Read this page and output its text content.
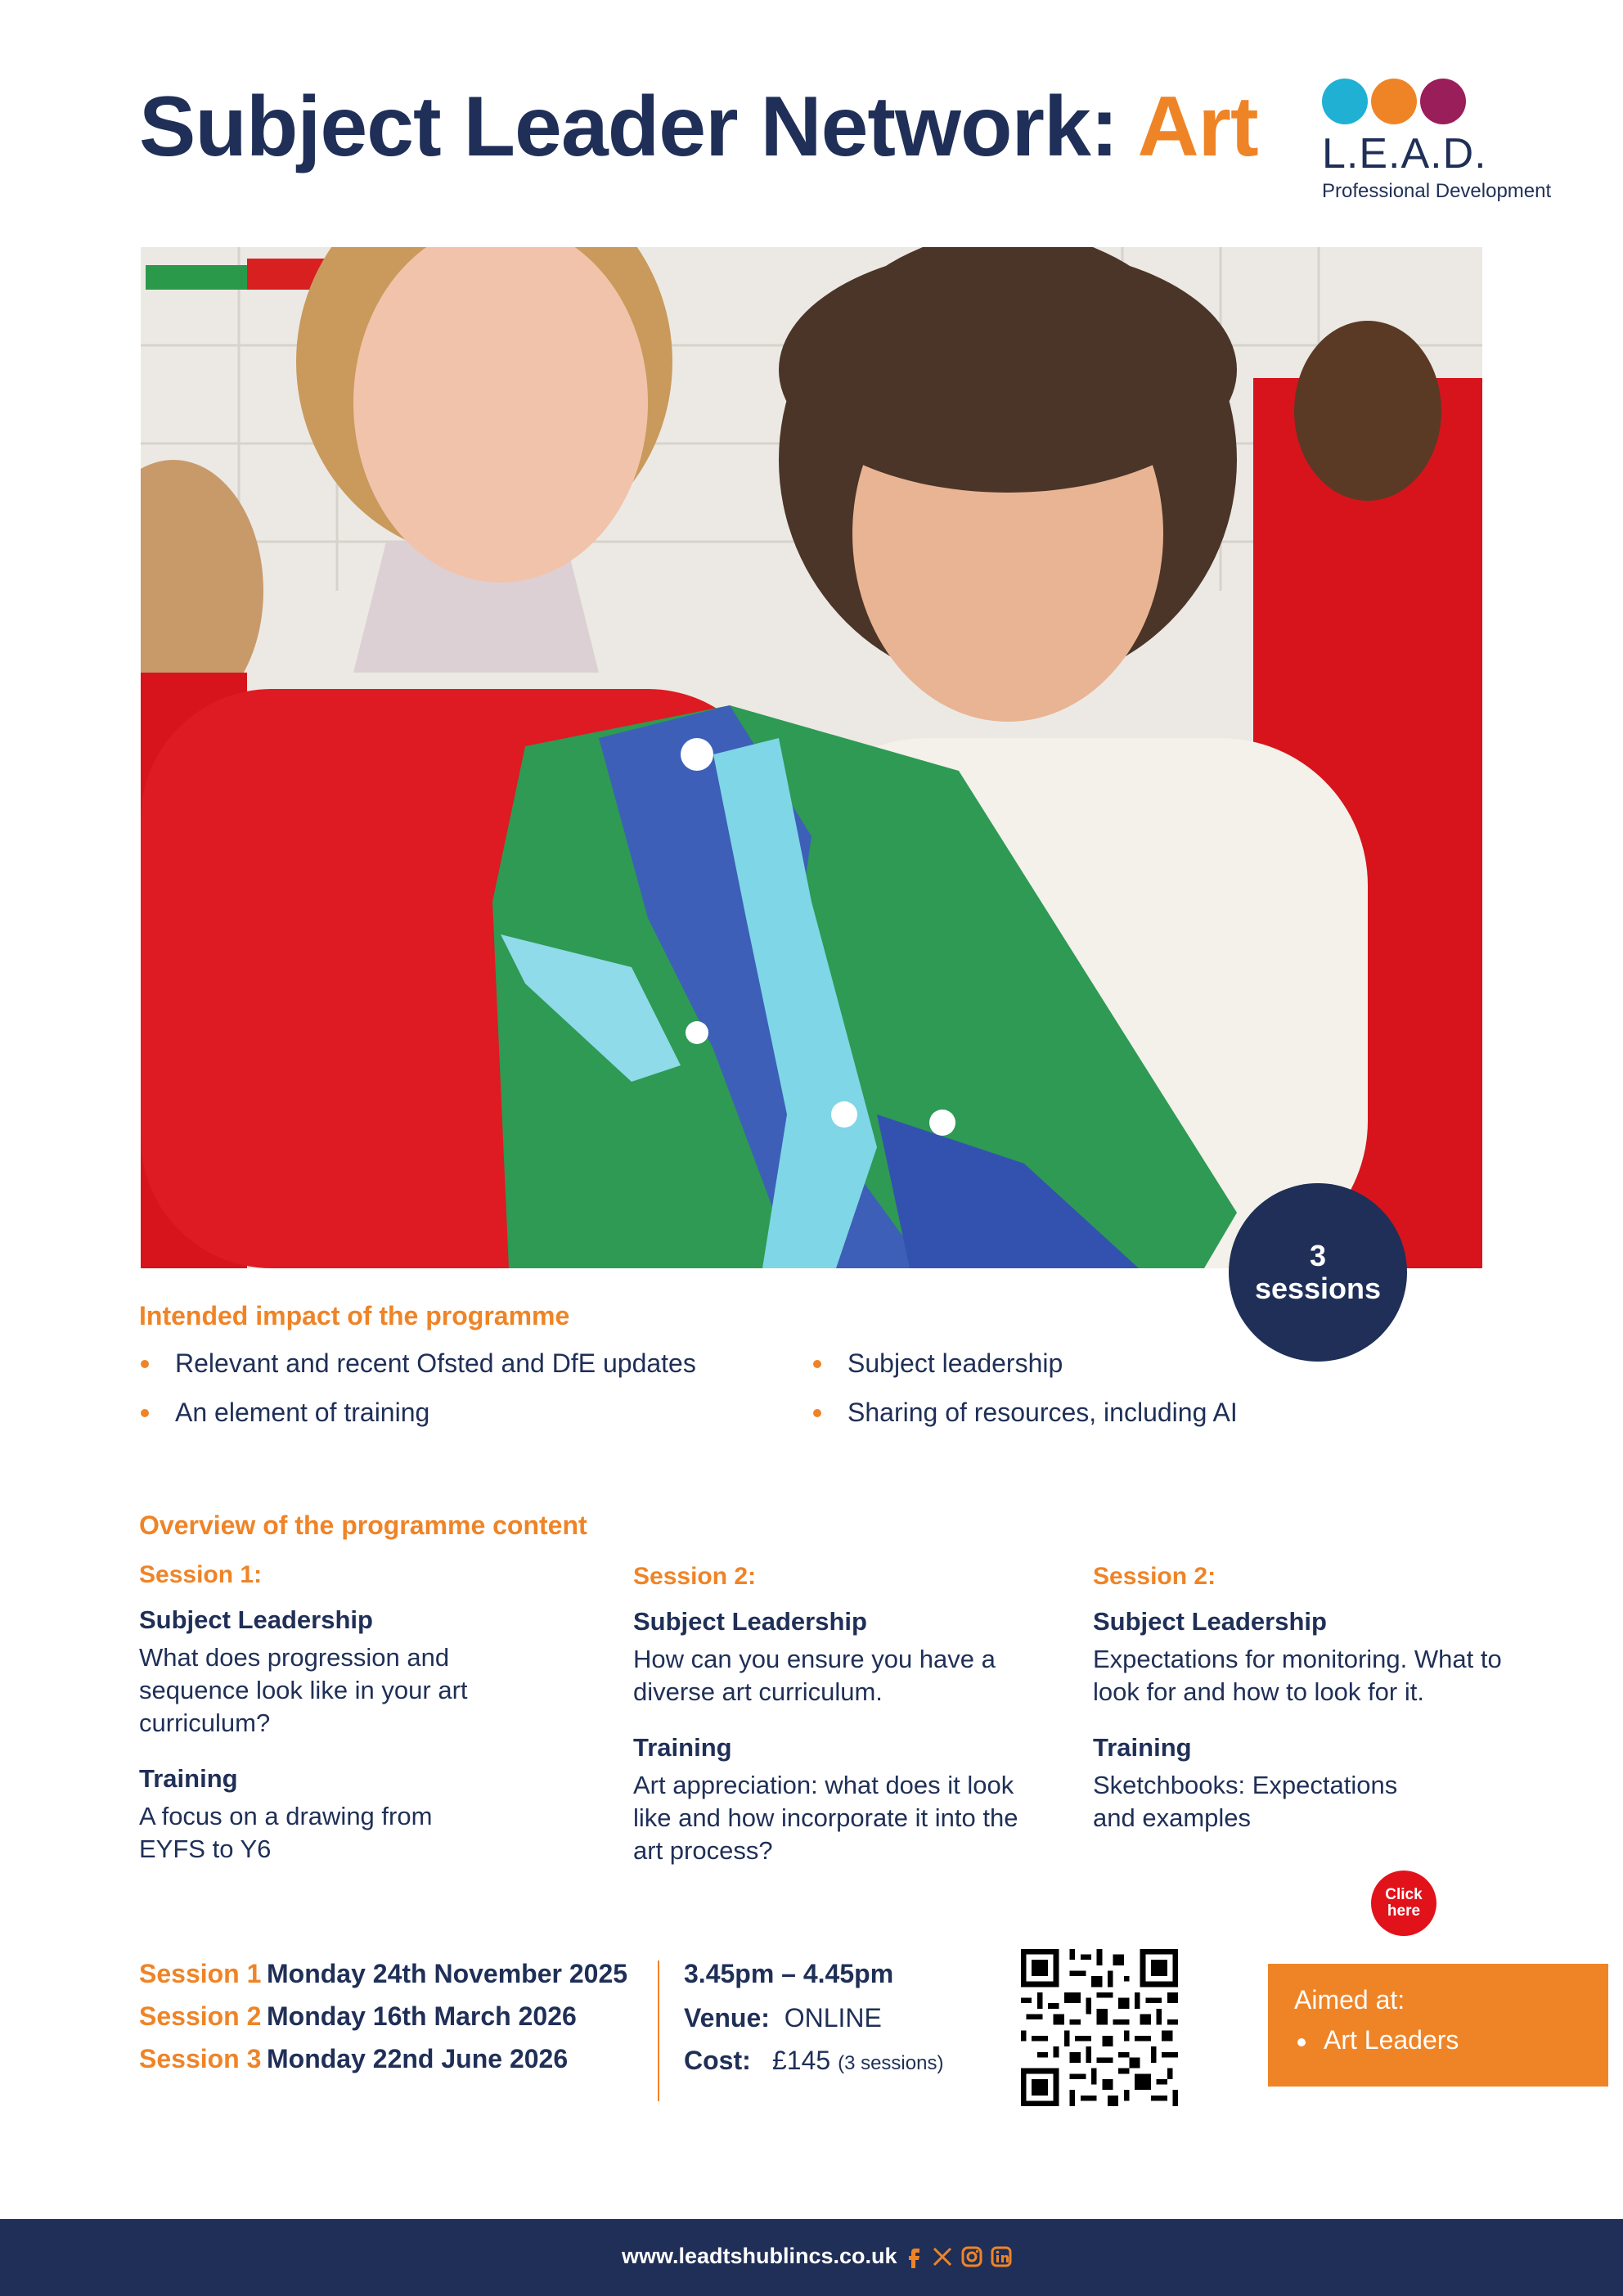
Subject Leader Network: Art L.E.A.D.
Professional Development
3
sessions
Intended impact of the programme
Relevant and recent Ofsted and DfE updates
An element of training
Subject leadership
Sharing of resources, including AI
Overview of the programme content
Session 1:
Subject Leadership
What does progression and sequence look like in your art curriculum?
Training
A focus on a drawing from EYFS to Y6
Session 2:
Subject Leadership
How can you ensure you have a diverse art curriculum.
Training
Art appreciation: what does it look like and how incorporate it into the art process?
Session 2:
Subject Leadership
Expectations for monitoring. What to look for and how to look for it.
Training
Sketchbooks: Expectations and examples
Click
here
Session 1 Monday 24th November 2025
Session 2 Monday 16th March 2026
Session 3 Monday 22nd June 2026
3.45pm – 4.45pm
Venue: ONLINE
Cost: £145 (3 sessions)
Aimed at:
Art Leaders
www.leadtshublincs.co.uk
